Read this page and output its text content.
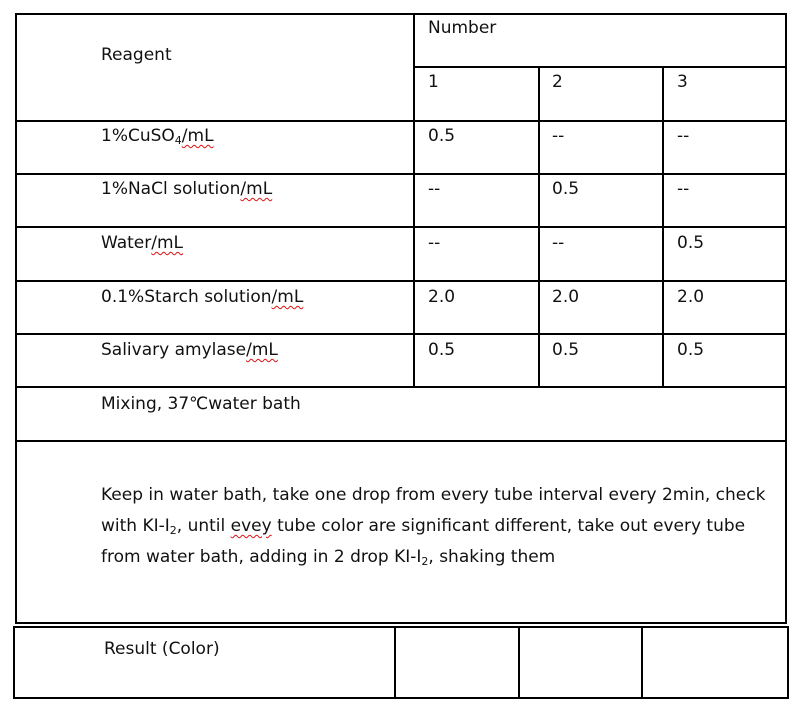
Reagent
Number
1	2	3
1%CuSO$_4$/mL	0.5	--	--
1%NaCl solution/mL	--	0.5	--
Water/mL	--	--	0.5
0.1%Starch solution/mL	2.0	2.0	2.0
Salivary amylase/mL	0.5	0.5	0.5
Mixing, 37℃water bath
Keep in water bath, take one drop from every tube interval every 2min, check with $KI-I_2$, until evey tube color are significant different, take out every tube from water bath, adding in 2 drop $KI-I_2$, shaking them
Result (Color)
